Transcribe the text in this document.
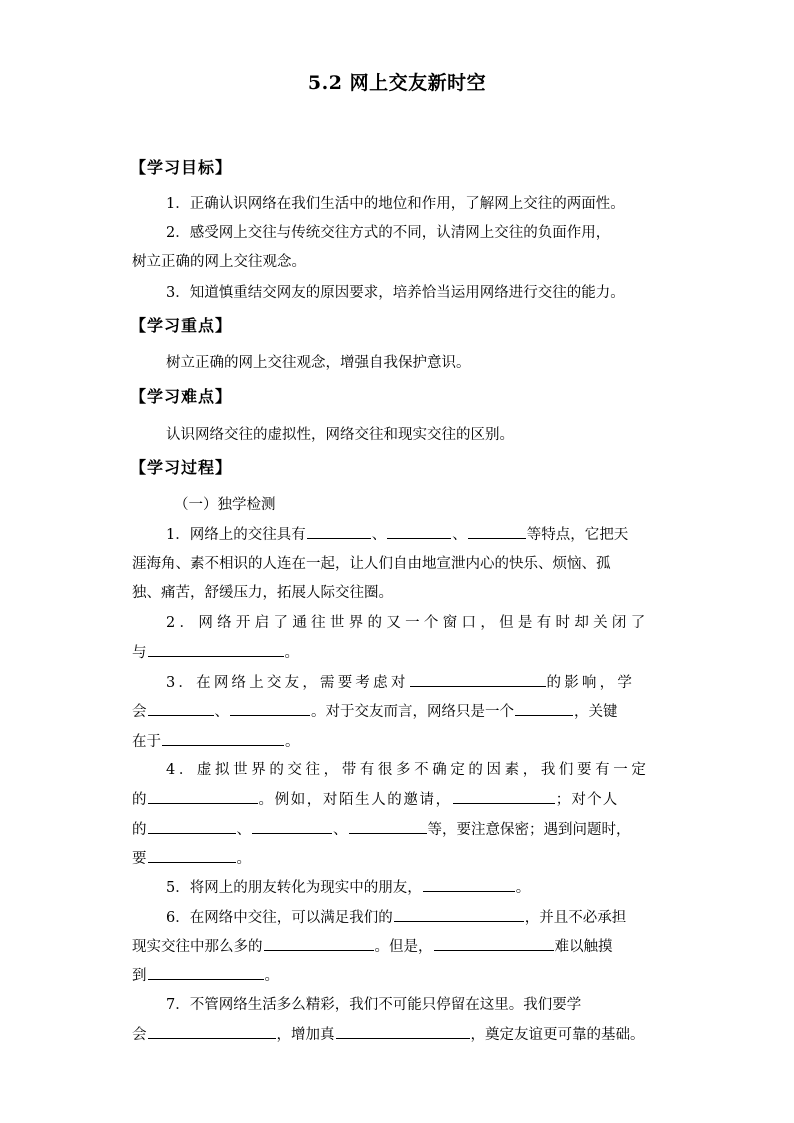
5.2 网上交友新时空
【学习目标】
1．正确认识网络在我们生活中的地位和作用，了解网上交往的两面性。
2．感受网上交往与传统交往方式的不同，认清网上交往的负面作用，
树立正确的网上交往观念。
3．知道慎重结交网友的原因要求，培养恰当运用网络进行交往的能力。
【学习重点】
树立正确的网上交往观念，增强自我保护意识。
【学习难点】
认识网络交往的虚拟性，网络交往和现实交往的区别。
【学习过程】
（一）独学检测
1．网络上的交往具有	、	、	等特点，它把天
涯海角、素不相识的人连在一起，让人们自由地宣泄内心的快乐、烦恼、孤
独、痛苦，舒缓压力，拓展人际交往圈。
2．网络开启了通往世界的又一个窗口，但是有时却关闭了
与	。
3．在网络上交友，需要考虑对	的影响，学
会	、	。对于交友而言，网络只是一个	，关键
在于	。
4．虚拟世界的交往，带有很多不确定的因素，我们要有一定
的	。例如，对陌生人的邀请，	；对个人
的	、	、	等，要注意保密；遇到问题时，
要	。
5．将网上的朋友转化为现实中的朋友，	。
6．在网络中交往，可以满足我们的	，并且不必承担
现实交往中那么多的	。但是，	难以触摸
到	。
7．不管网络生活多么精彩，我们不可能只停留在这里。我们要学
会	，增加真	，奠定友谊更可靠的基础。
